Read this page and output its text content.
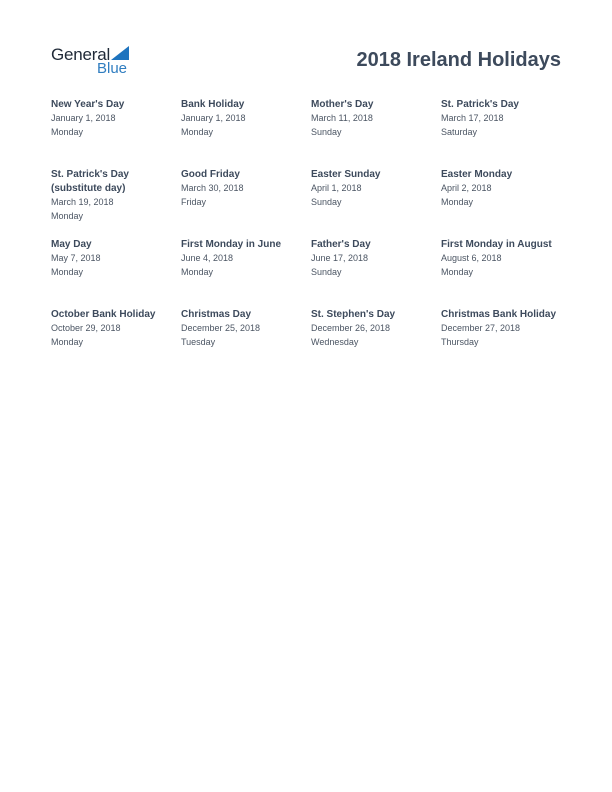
General
Blue	2018 Ireland Holidays
New Year's Day
January 1, 2018
Monday
Bank Holiday
January 1, 2018
Monday
Mother's Day
March 11, 2018
Sunday
St. Patrick's Day
March 17, 2018
Saturday
St. Patrick's Day (substitute day)
March 19, 2018
Monday
Good Friday
March 30, 2018
Friday
Easter Sunday
April 1, 2018
Sunday
Easter Monday
April 2, 2018
Monday
May Day
May 7, 2018
Monday
First Monday in June
June 4, 2018
Monday
Father's Day
June 17, 2018
Sunday
First Monday in August
August 6, 2018
Monday
October Bank Holiday
October 29, 2018
Monday
Christmas Day
December 25, 2018
Tuesday
St. Stephen's Day
December 26, 2018
Wednesday
Christmas Bank Holiday
December 27, 2018
Thursday
